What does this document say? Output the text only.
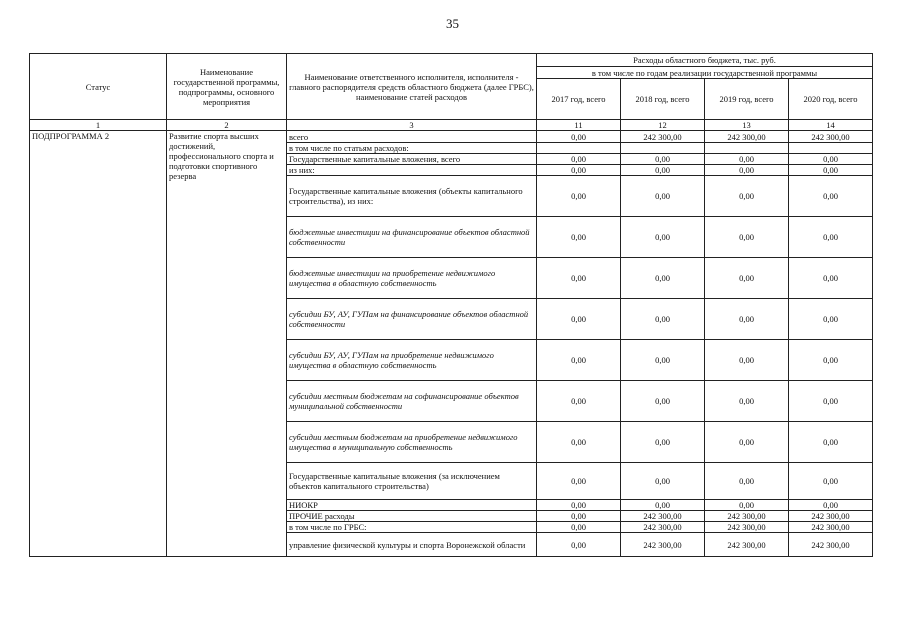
35
Статус	Наименование государственной программы, подпрограммы, основного мероприятия	Наименование ответственного исполнителя, исполнителя - главного распорядителя средств областного бюджета (далее ГРБС), наименование статей расходов	Расходы областного бюджета, тыс. руб.			
			в том числе по годам реализации государственной программы			
			2017 год, всего	2018 год, всего	2019 год, всего	2020 год, всего
1	2	3	11	12	13	14
ПОДПРОГРАММА 2	Развитие спорта высших достижений, профессионального спорта и подготовки спортивного резерва	всего	0,00	242 300,00	242 300,00	242 300,00
		в том числе по статьям расходов:				
		Государственные капитальные вложения, всего	0,00	0,00	0,00	0,00
		из них:	0,00	0,00	0,00	0,00
		Государственные капитальные вложения (объекты капитального строительства), из них:	0,00	0,00	0,00	0,00
		бюджетные инвестиции на финансирование объектов областной собственности	0,00	0,00	0,00	0,00
		бюджетные инвестиции на приобретение недвижимого имущества в областную собственность	0,00	0,00	0,00	0,00
		субсидии БУ, АУ, ГУПам на финансирование объектов областной собственности	0,00	0,00	0,00	0,00
		субсидии БУ, АУ, ГУПам на приобретение недвижимого имущества в областную собственность	0,00	0,00	0,00	0,00
		субсидии местным бюджетам на софинансирование объектов муниципальной собственности	0,00	0,00	0,00	0,00
		субсидии местным бюджетам на приобретение недвижимого имущества в муниципальную собственность	0,00	0,00	0,00	0,00
		Государственные капитальные вложения (за исключением объектов капитального строительства)	0,00	0,00	0,00	0,00
		НИОКР	0,00	0,00	0,00	0,00
		ПРОЧИЕ расходы	0,00	242 300,00	242 300,00	242 300,00
		в том числе по ГРБС:	0,00	242 300,00	242 300,00	242 300,00
		управление физической культуры и спорта Воронежской области	0,00	242 300,00	242 300,00	242 300,00
